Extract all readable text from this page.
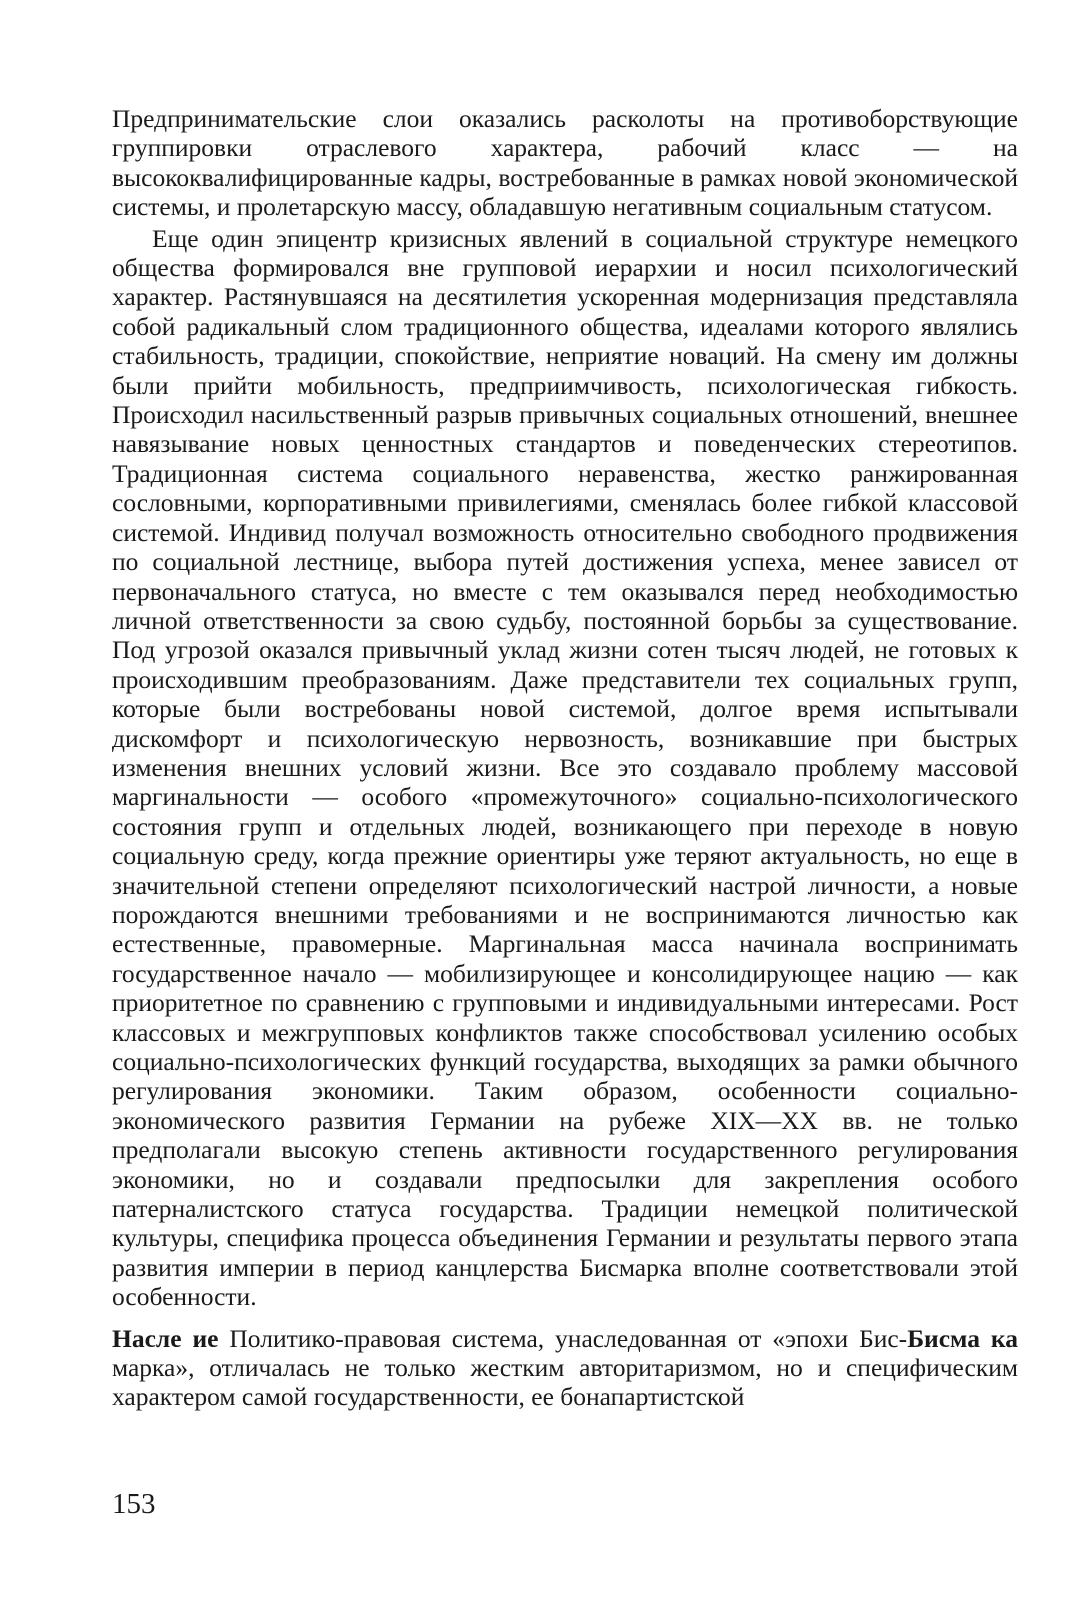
Предпринимательские слои оказались расколоты на противоборствующие группировки отраслевого характера, рабочий класс — на высококвалифицированные кадры, востребованные в рамках новой экономической системы, и пролетарскую массу, обладавшую негативным социальным статусом.

Еще один эпицентр кризисных явлений в социальной структуре немецкого общества формировался вне групповой иерархии и носил психологический характер. Растянувшаяся на десятилетия ускоренная модернизация представляла собой радикальный слом традиционного общества, идеалами которого являлись стабильность, традиции, спокойствие, неприятие новаций. На смену им должны были прийти мобильность, предприимчивость, психологическая гибкость. Происходил насильственный разрыв привычных социальных отношений, внешнее навязывание новых ценностных стандартов и поведенческих стереотипов. Традиционная система социального неравенства, жестко ранжированная сословными, корпоративными привилегиями, сменялась более гибкой классовой системой. Индивид получал возможность относительно свободного продвижения по социальной лестнице, выбора путей достижения успеха, менее зависел от первоначального статуса, но вместе с тем оказывался перед необходимостью личной ответственности за свою судьбу, постоянной борьбы за существование. Под угрозой оказался привычный уклад жизни сотен тысяч людей, не готовых к происходившим преобразованиям. Даже представители тех социальных групп, которые были востребованы новой системой, долгое время испытывали дискомфорт и психологическую нервозность, возникавшие при быстрых изменения внешних условий жизни. Все это создавало проблему массовой маргинальности — особого «промежуточного» социально-психологического состояния групп и отдельных людей, возникающего при переходе в новую социальную среду, когда прежние ориентиры уже теряют актуальность, но еще в значительной степени определяют психологический настрой личности, а новые порождаются внешними требованиями и не воспринимаются личностью как естественные, правомерные. Маргинальная масса начинала воспринимать государственное начало — мобилизирующее и консолидирующее нацию — как приоритетное по сравнению с групповыми и индивидуальными интересами. Рост классовых и межгрупповых конфликтов также способствовал усилению особых социально-психологических функций государства, выходящих за рамки обычного регулирования экономики. Таким образом, особенности социально-экономического развития Германии на рубеже XIX—XX вв. не только предполагали высокую степень активности государственного регулирования экономики, но и создавали предпосылки для закрепления особого патерналистского статуса государства. Традиции немецкой политической культуры, специфика процесса объединения Германии и результаты первого этапа развития империи в период канцлерства Бисмарка вполне соответствовали этой особенности.

Насле ие Политико-правовая система, унаследованная от «эпохи Бис-Бисма ка марка», отличалась не только жестким авторитаризмом, но и специфическим характером самой государственности, ее бонапартистской

153
